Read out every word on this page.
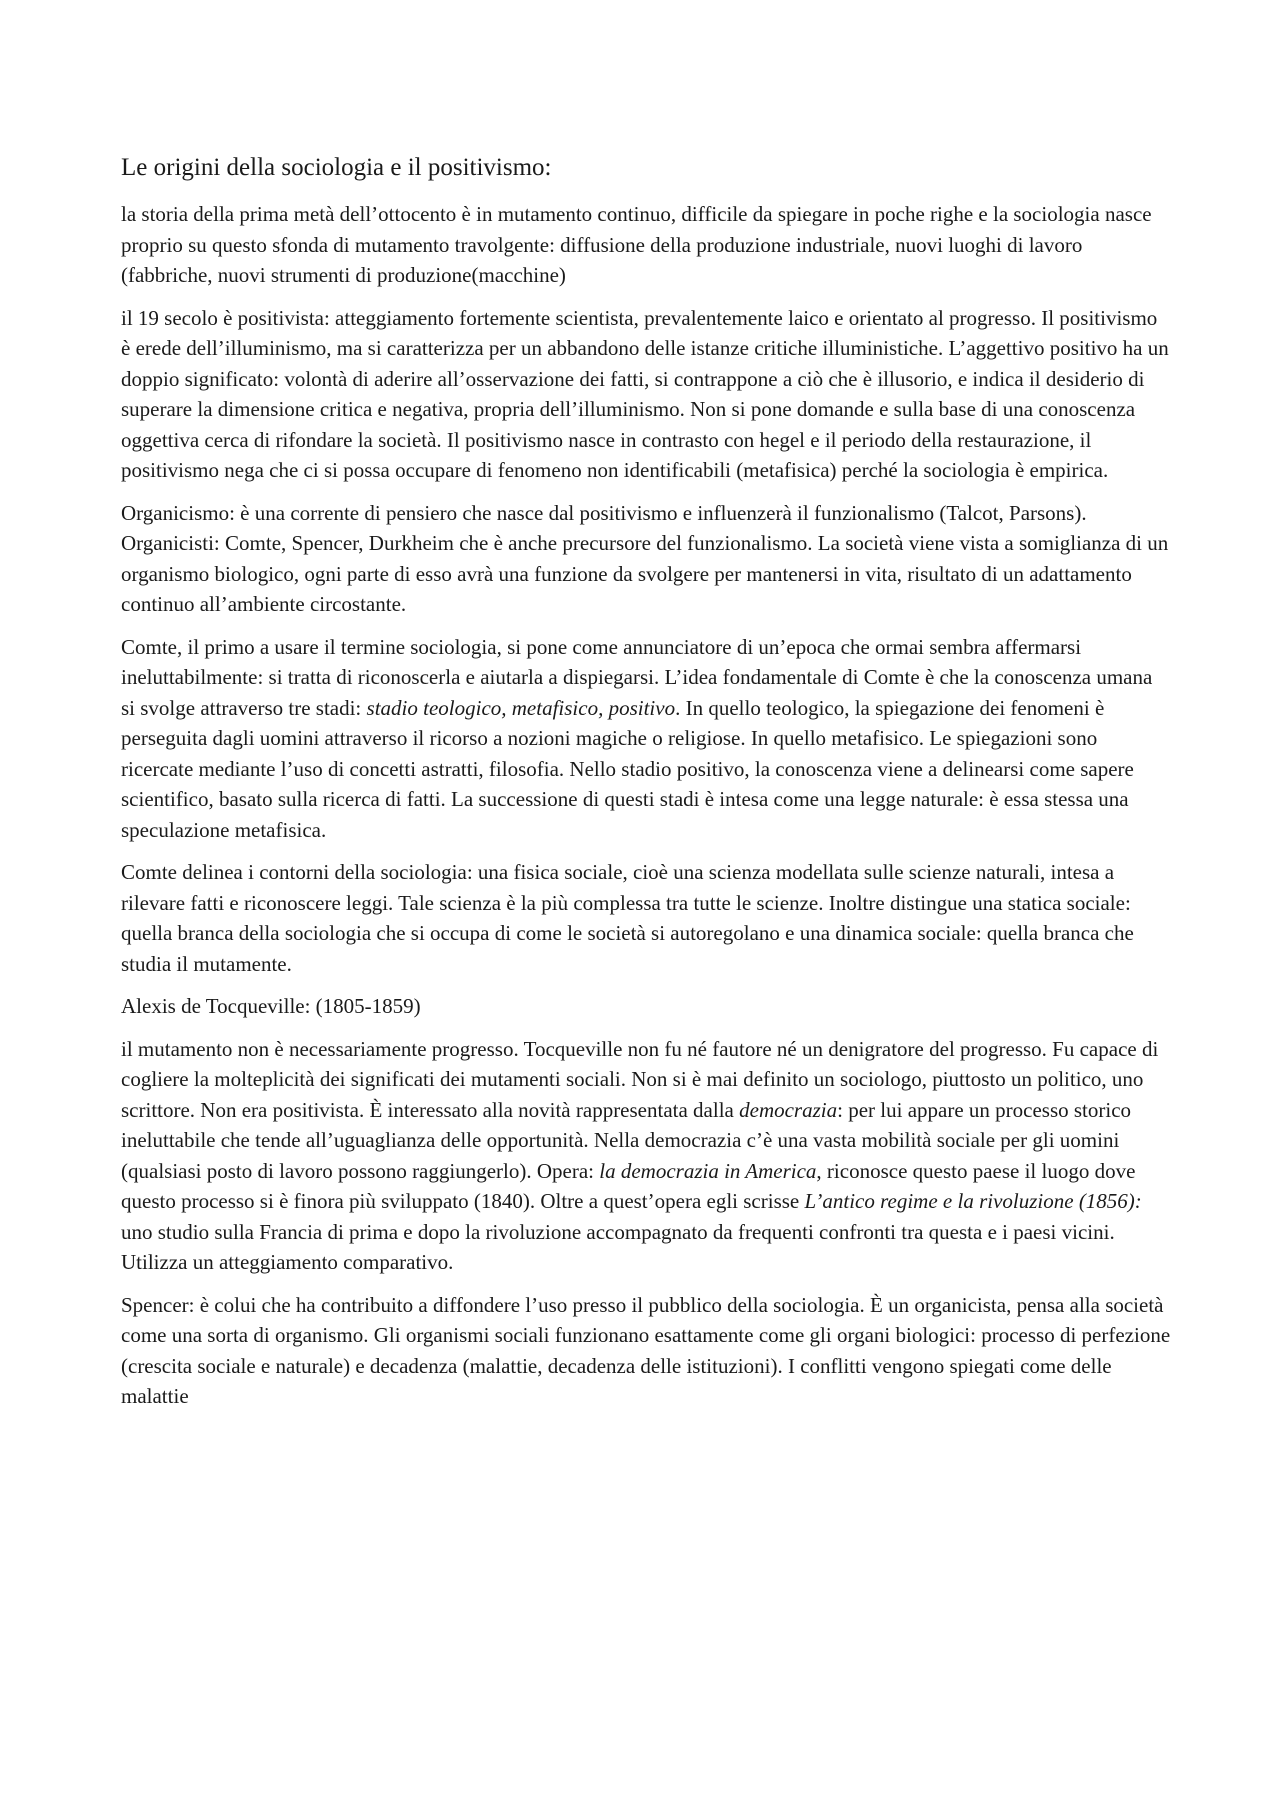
Le origini della sociologia e il positivismo:

la storia della prima metà dell’ottocento è in mutamento continuo, difficile da spiegare in poche righe e la sociologia nasce proprio su questo sfonda di mutamento travolgente: diffusione della produzione industriale, nuovi luoghi di lavoro (fabbriche, nuovi strumenti di produzione(macchine)

il 19 secolo è positivista: atteggiamento fortemente scientista, prevalentemente laico e orientato al progresso. Il positivismo è erede dell’illuminismo, ma si caratterizza per un abbandono delle istanze critiche illuministiche. L’aggettivo positivo ha un doppio significato: volontà di aderire all’osservazione dei fatti, si contrappone a ciò che è illusorio, e indica il desiderio di superare la dimensione critica e negativa, propria dell’illuminismo. Non si pone domande e sulla base di una conoscenza oggettiva cerca di rifondare la società. Il positivismo nasce in contrasto con hegel e il periodo della restaurazione, il positivismo nega che ci si possa occupare di fenomeno non identificabili (metafisica) perché la sociologia è empirica.

Organicismo: è una corrente di pensiero che nasce dal positivismo e influenzerà il funzionalismo (Talcot, Parsons). Organicisti: Comte, Spencer, Durkheim che è anche precursore del funzionalismo. La società viene vista a somiglianza di un organismo biologico, ogni parte di esso avrà una funzione da svolgere per mantenersi in vita, risultato di un adattamento continuo all’ambiente circostante.

Comte, il primo a usare il termine sociologia, si pone come annunciatore di un’epoca che ormai sembra affermarsi ineluttabilmente: si tratta di riconoscerla e aiutarla a dispiegarsi. L’idea fondamentale di Comte è che la conoscenza umana si svolge attraverso tre stadi: stadio teologico, metafisico, positivo. In quello teologico, la spiegazione dei fenomeni è perseguita dagli uomini attraverso il ricorso a nozioni magiche o religiose. In quello metafisico. Le spiegazioni sono ricercate mediante l’uso di concetti astratti, filosofia. Nello stadio positivo, la conoscenza viene a delinearsi come sapere scientifico, basato sulla ricerca di fatti. La successione di questi stadi è intesa come una legge naturale: è essa stessa una speculazione metafisica.

Comte delinea i contorni della sociologia: una fisica sociale, cioè una scienza modellata sulle scienze naturali, intesa a rilevare fatti e riconoscere leggi. Tale scienza è la più complessa tra tutte le scienze. Inoltre distingue una statica sociale: quella branca della sociologia che si occupa di come le società si autoregolano e una dinamica sociale: quella branca che studia il mutamente.

Alexis de Tocqueville: (1805-1859)

il mutamento non è necessariamente progresso. Tocqueville non fu né fautore né un denigratore del progresso. Fu capace di cogliere la molteplicità dei significati dei mutamenti sociali. Non si è mai definito un sociologo, piuttosto un politico, uno scrittore. Non era positivista. È interessato alla novità rappresentata dalla democrazia: per lui appare un processo storico ineluttabile che tende all’uguaglianza delle opportunità. Nella democrazia c’è una vasta mobilità sociale per gli uomini (qualsiasi posto di lavoro possono raggiungerlo). Opera: la democrazia in America, riconosce questo paese il luogo dove questo processo si è finora più sviluppato (1840). Oltre a quest’opera egli scrisse L’antico regime e la rivoluzione (1856): uno studio sulla Francia di prima e dopo la rivoluzione accompagnato da frequenti confronti tra questa e i paesi vicini. Utilizza un atteggiamento comparativo.

Spencer: è colui che ha contribuito a diffondere l’uso presso il pubblico della sociologia. È un organicista, pensa alla società come una sorta di organismo. Gli organismi sociali funzionano esattamente come gli organi biologici: processo di perfezione (crescita sociale e naturale) e decadenza (malattie, decadenza delle istituzioni). I conflitti vengono spiegati come delle malattie
